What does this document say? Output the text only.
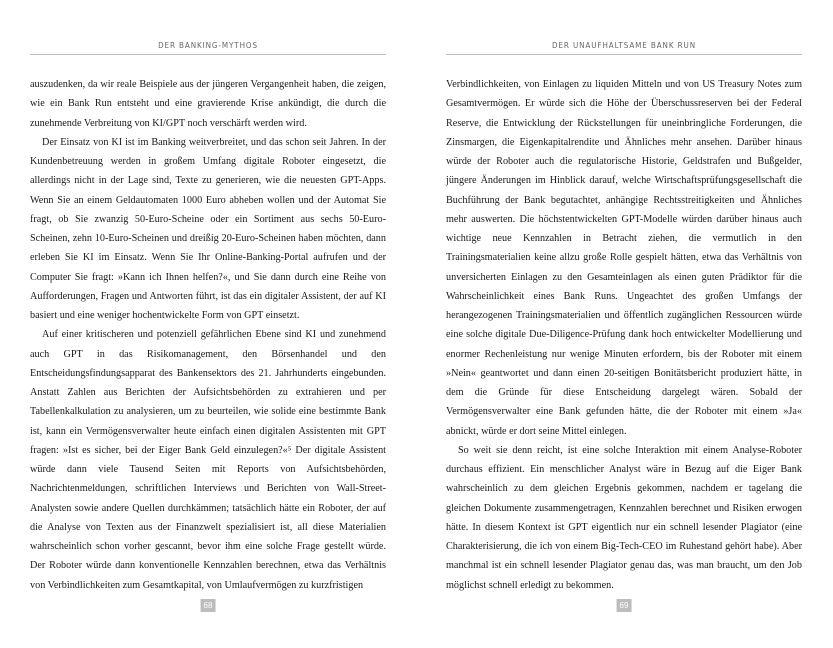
DER BANKING-MYTHOS

auszudenken, da wir reale Beispiele aus der jüngeren Vergangenheit haben, die zeigen, wie ein Bank Run entsteht und eine gravierende Krise ankündigt, die durch die zunehmende Verbreitung von KI/GPT noch verschärft werden wird.

Der Einsatz von KI ist im Banking weitverbreitet, und das schon seit Jahren. In der Kundenbetreuung werden in großem Umfang digitale Roboter eingesetzt, die allerdings nicht in der Lage sind, Texte zu generieren, wie die neuesten GPT-Apps. Wenn Sie an einem Geldautomaten 1000 Euro abheben wollen und der Automat Sie fragt, ob Sie zwanzig 50-Euro-Scheine oder ein Sortiment aus sechs 50-Euro-Scheinen, zehn 10-Euro-Scheinen und dreißig 20-Euro-Scheinen haben möchten, dann erleben Sie KI im Einsatz. Wenn Sie Ihr Online-Banking-Portal aufrufen und der Computer Sie fragt: »Kann ich Ihnen helfen?«, und Sie dann durch eine Reihe von Aufforderungen, Fragen und Antworten führt, ist das ein digitaler Assistent, der auf KI basiert und eine weniger hochentwickelte Form von GPT einsetzt.

Auf einer kritischeren und potenziell gefährlichen Ebene sind KI und zunehmend auch GPT in das Risikomanagement, den Börsenhandel und den Entscheidungsfindungsapparat des Bankensektors des 21. Jahrhunderts eingebunden. Anstatt Zahlen aus Berichten der Aufsichtsbehörden zu extrahieren und per Tabellenkalkulation zu analysieren, um zu beurteilen, wie solide eine bestimmte Bank ist, kann ein Vermögensverwalter heute einfach einen digitalen Assistenten mit GPT fragen: »Ist es sicher, bei der Eiger Bank Geld einzulegen?«⁵ Der digitale Assistent würde dann viele Tausend Seiten mit Reports von Aufsichtsbehörden, Nachrichtenmeldungen, schriftlichen Interviews und Berichten von Wall-Street-Analysten sowie andere Quellen durchkämmen; tatsächlich hätte ein Roboter, der auf die Analyse von Texten aus der Finanzwelt spezialisiert ist, all diese Materialien wahrscheinlich schon vorher gescannt, bevor ihm eine solche Frage gestellt würde. Der Roboter würde dann konventionelle Kennzahlen berechnen, etwa das Verhältnis von Verbindlichkeiten zum Gesamtkapital, von Umlaufvermögen zu kurzfristigen

68
DER UNAUFHALTSAME BANK RUN

Verbindlichkeiten, von Einlagen zu liquiden Mitteln und von US Treasury Notes zum Gesamtvermögen. Er würde sich die Höhe der Überschussreserven bei der Federal Reserve, die Entwicklung der Rückstellungen für uneinbringliche Forderungen, die Zinsmargen, die Eigenkapitalrendite und Ähnliches mehr ansehen. Darüber hinaus würde der Roboter auch die regulatorische Historie, Geldstrafen und Bußgelder, jüngere Änderungen im Hinblick darauf, welche Wirtschaftsprüfungsgesellschaft die Buchführung der Bank begutachtet, anhängige Rechtsstreitigkeiten und Ähnliches mehr auswerten. Die höchstentwickelten GPT-Modelle würden darüber hinaus auch wichtige neue Kennzahlen in Betracht ziehen, die vermutlich in den Trainingsmaterialien keine allzu große Rolle gespielt hätten, etwa das Verhältnis von unversicherten Einlagen zu den Gesamteinlagen als einen guten Prädiktor für die Wahrscheinlichkeit eines Bank Runs. Ungeachtet des großen Umfangs der herangezogenen Trainingsmaterialien und öffentlich zugänglichen Ressourcen würde eine solche digitale Due-Diligence-Prüfung dank hoch entwickelter Modellierung und enormer Rechenleistung nur wenige Minuten erfordern, bis der Roboter mit einem »Nein« geantwortet und dann einen 20-seitigen Bonitätsbericht produziert hätte, in dem die Gründe für diese Entscheidung dargelegt wären. Sobald der Vermögensverwalter eine Bank gefunden hätte, die der Roboter mit einem »Ja« abnickt, würde er dort seine Mittel einlegen.

So weit sie denn reicht, ist eine solche Interaktion mit einem Analyse-Roboter durchaus effizient. Ein menschlicher Analyst wäre in Bezug auf die Eiger Bank wahrscheinlich zu dem gleichen Ergebnis gekommen, nachdem er tagelang die gleichen Dokumente zusammengetragen, Kennzahlen berechnet und Risiken erwogen hätte. In diesem Kontext ist GPT eigentlich nur ein schnell lesender Plagiator (eine Charakterisierung, die ich von einem Big-Tech-CEO im Ruhestand gehört habe). Aber manchmal ist ein schnell lesender Plagiator genau das, was man braucht, um den Job möglichst schnell erledigt zu bekommen.

69
